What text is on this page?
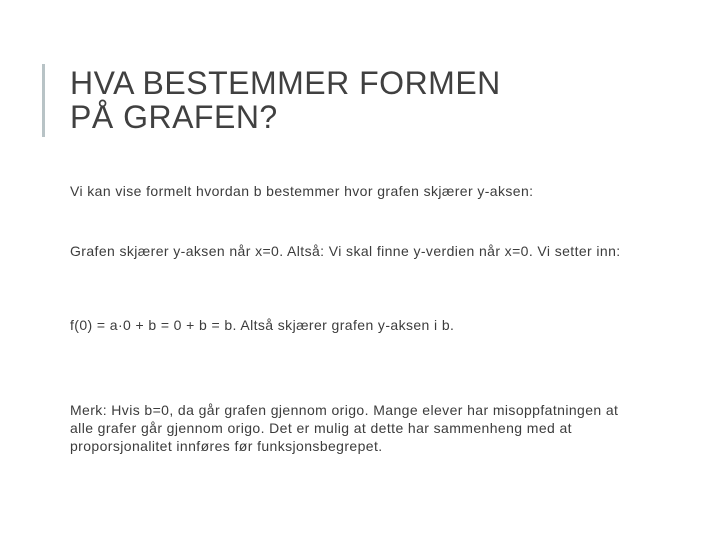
HVA BESTEMMER FORMEN
PÅ GRAFEN?

Vi kan vise formelt hvordan b bestemmer hvor grafen skjærer y-aksen:

Grafen skjærer y-aksen når x=0. Altså: Vi skal finne y-verdien når x=0. Vi setter inn:

f(0) = a·0 + b = 0 + b = b. Altså skjærer grafen y-aksen i b.

Merk: Hvis b=0, da går grafen gjennom origo. Mange elever har misoppfatningen at alle grafer går gjennom origo. Det er mulig at dette har sammenheng med at proporsjonalitet innføres før funksjonsbegrepet.
